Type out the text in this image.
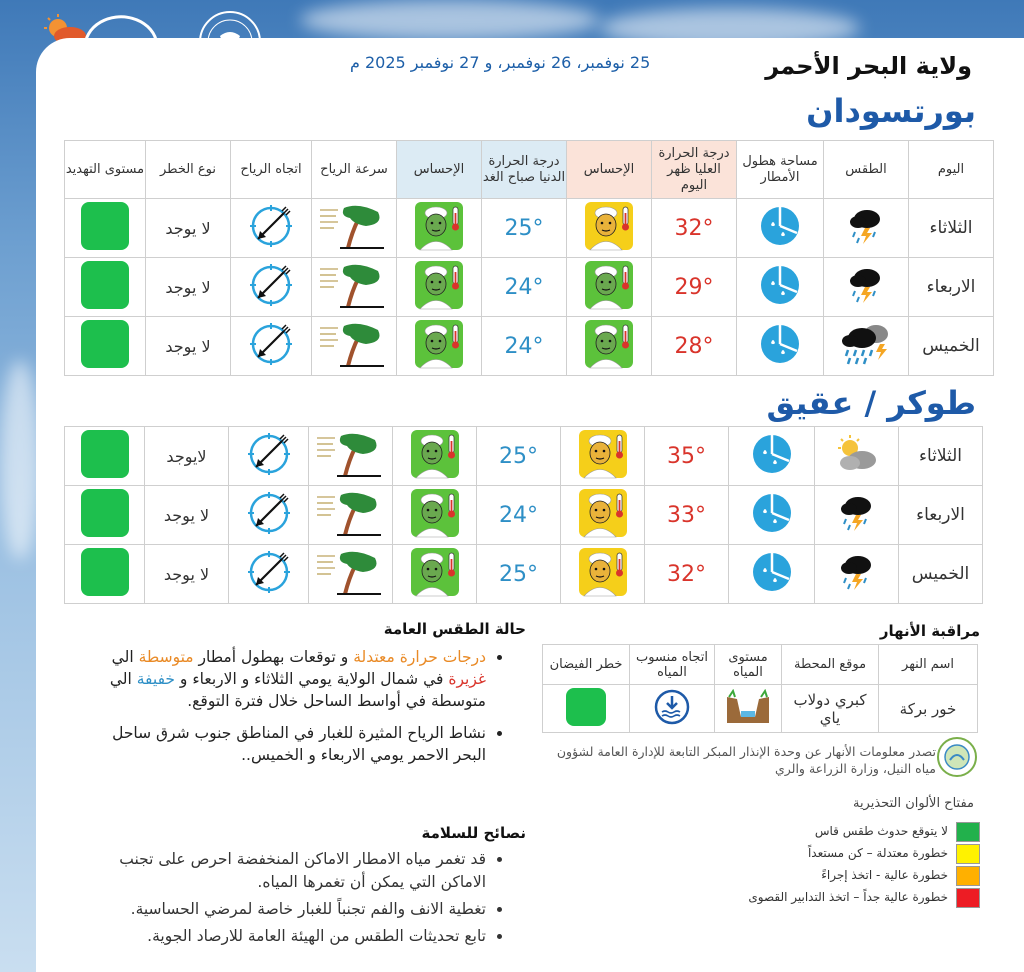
ولاية البحر الأحمر
25 نوفمبر، 26 نوفمبر، و 27 نوفمبر 2025 م
بورتسودان
طوكر / عقيق
اليوم	الطقس	مساحة هطول الأمطار	درجة الحرارة العليا ظهر اليوم	الإحساس	درجة الحرارة الدنيا صباح الغد	الإحساس	سرعة الرياح	اتجاه الرياح	نوع الخطر	مستوى التهديد
الثلاثاء			32°		25°				لا يوجد	
الاربعاء			29°		24°				لا يوجد	
الخميس			28°		24°				لا يوجد	
الثلاثاء			35°		25°				لايوجد	
الاربعاء			33°		24°				لا يوجد	
الخميس			32°		25°				لا يوجد	
حالة الطقس العامة
• درجات حرارة معتدلة و توقعات بهطول أمطار متوسطة الي غزيرة في شمال الولاية يومي الثلاثاء و الاربعاء و خفيفة الي متوسطة في أواسط الساحل خلال فترة التوقع.
• نشاط الرياح المثيرة للغبار في المناطق جنوب شرق ساحل البحر الاحمر يومي الاربعاء و الخميس..
نصائح للسلامة
• قد تغمر مياه الامطار الاماكن المنخفضة احرص على تجنب الاماكن التي يمكن أن تغمرها المياه.
• تغطية الانف والفم تجنباً للغبار خاصة لمرضي الحساسية.
• تابع تحديثات الطقس من الهيئة العامة للارصاد الجوية.
مراقبة الأنهار
اسم النهر	موقع المحطة	مستوى المياه	اتجاه منسوب المياه	خطر الفيضان
خور بركة	كبري دولاب ياي			
تصدر معلومات الأنهار عن وحدة الإنذار المبكر التابعة للإدارة العامة لشؤون مياه النيل، وزارة الزراعة والري
مفتاح الألوان التحذيرية
لا يتوقع حدوث طقس قاس
خطورة معتدلة – كن مستعداً
خطورة عالية - اتخذ إجراءً
خطورة عالية جداً – اتخذ التدابير القصوى
